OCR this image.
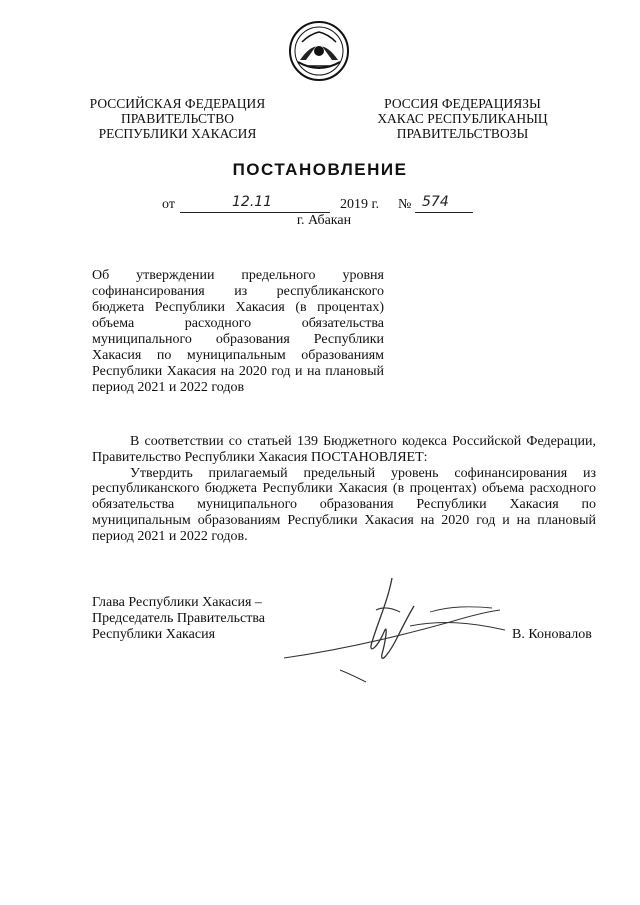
РОССИЙСКАЯ ФЕДЕРАЦИЯ
ПРАВИТЕЛЬСТВО
РЕСПУБЛИКИ ХАКАСИЯ
РОССИЯ ФЕДЕРАЦИЯЗЫ
ХАКАС РЕСПУБЛИКАНЫЦ
ПРАВИТЕЛЬСТВОЗЫ
ПОСТАНОВЛЕНИЕ
от	12.11	2019 г. № 574
г. Абакан
Об утверждении предельного уровня
софинансирования из республиканского
бюджета Республики Хакасия (в процентах)
объема расходного обязательства
муниципального образования Республики
Хакасия по муниципальным образованиям
Республики Хакасия на 2020 год и на плановый
период 2021 и 2022 годов

В соответствии со статьей 139 Бюджетного кодекса Российской Федерации, Правительство Республики Хакасия ПОСТАНОВЛЯЕТ:

Утвердить прилагаемый предельный уровень софинансирования из республиканского бюджета Республики Хакасия (в процентах) объема расходного обязательства муниципального образования Республики Хакасия по муниципальным образованиям Республики Хакасия на 2020 год и на плановый период 2021 и 2022 годов.

Глава Республики Хакасия –
Председатель Правительства
Республики Хакасия	В. Коновалов
